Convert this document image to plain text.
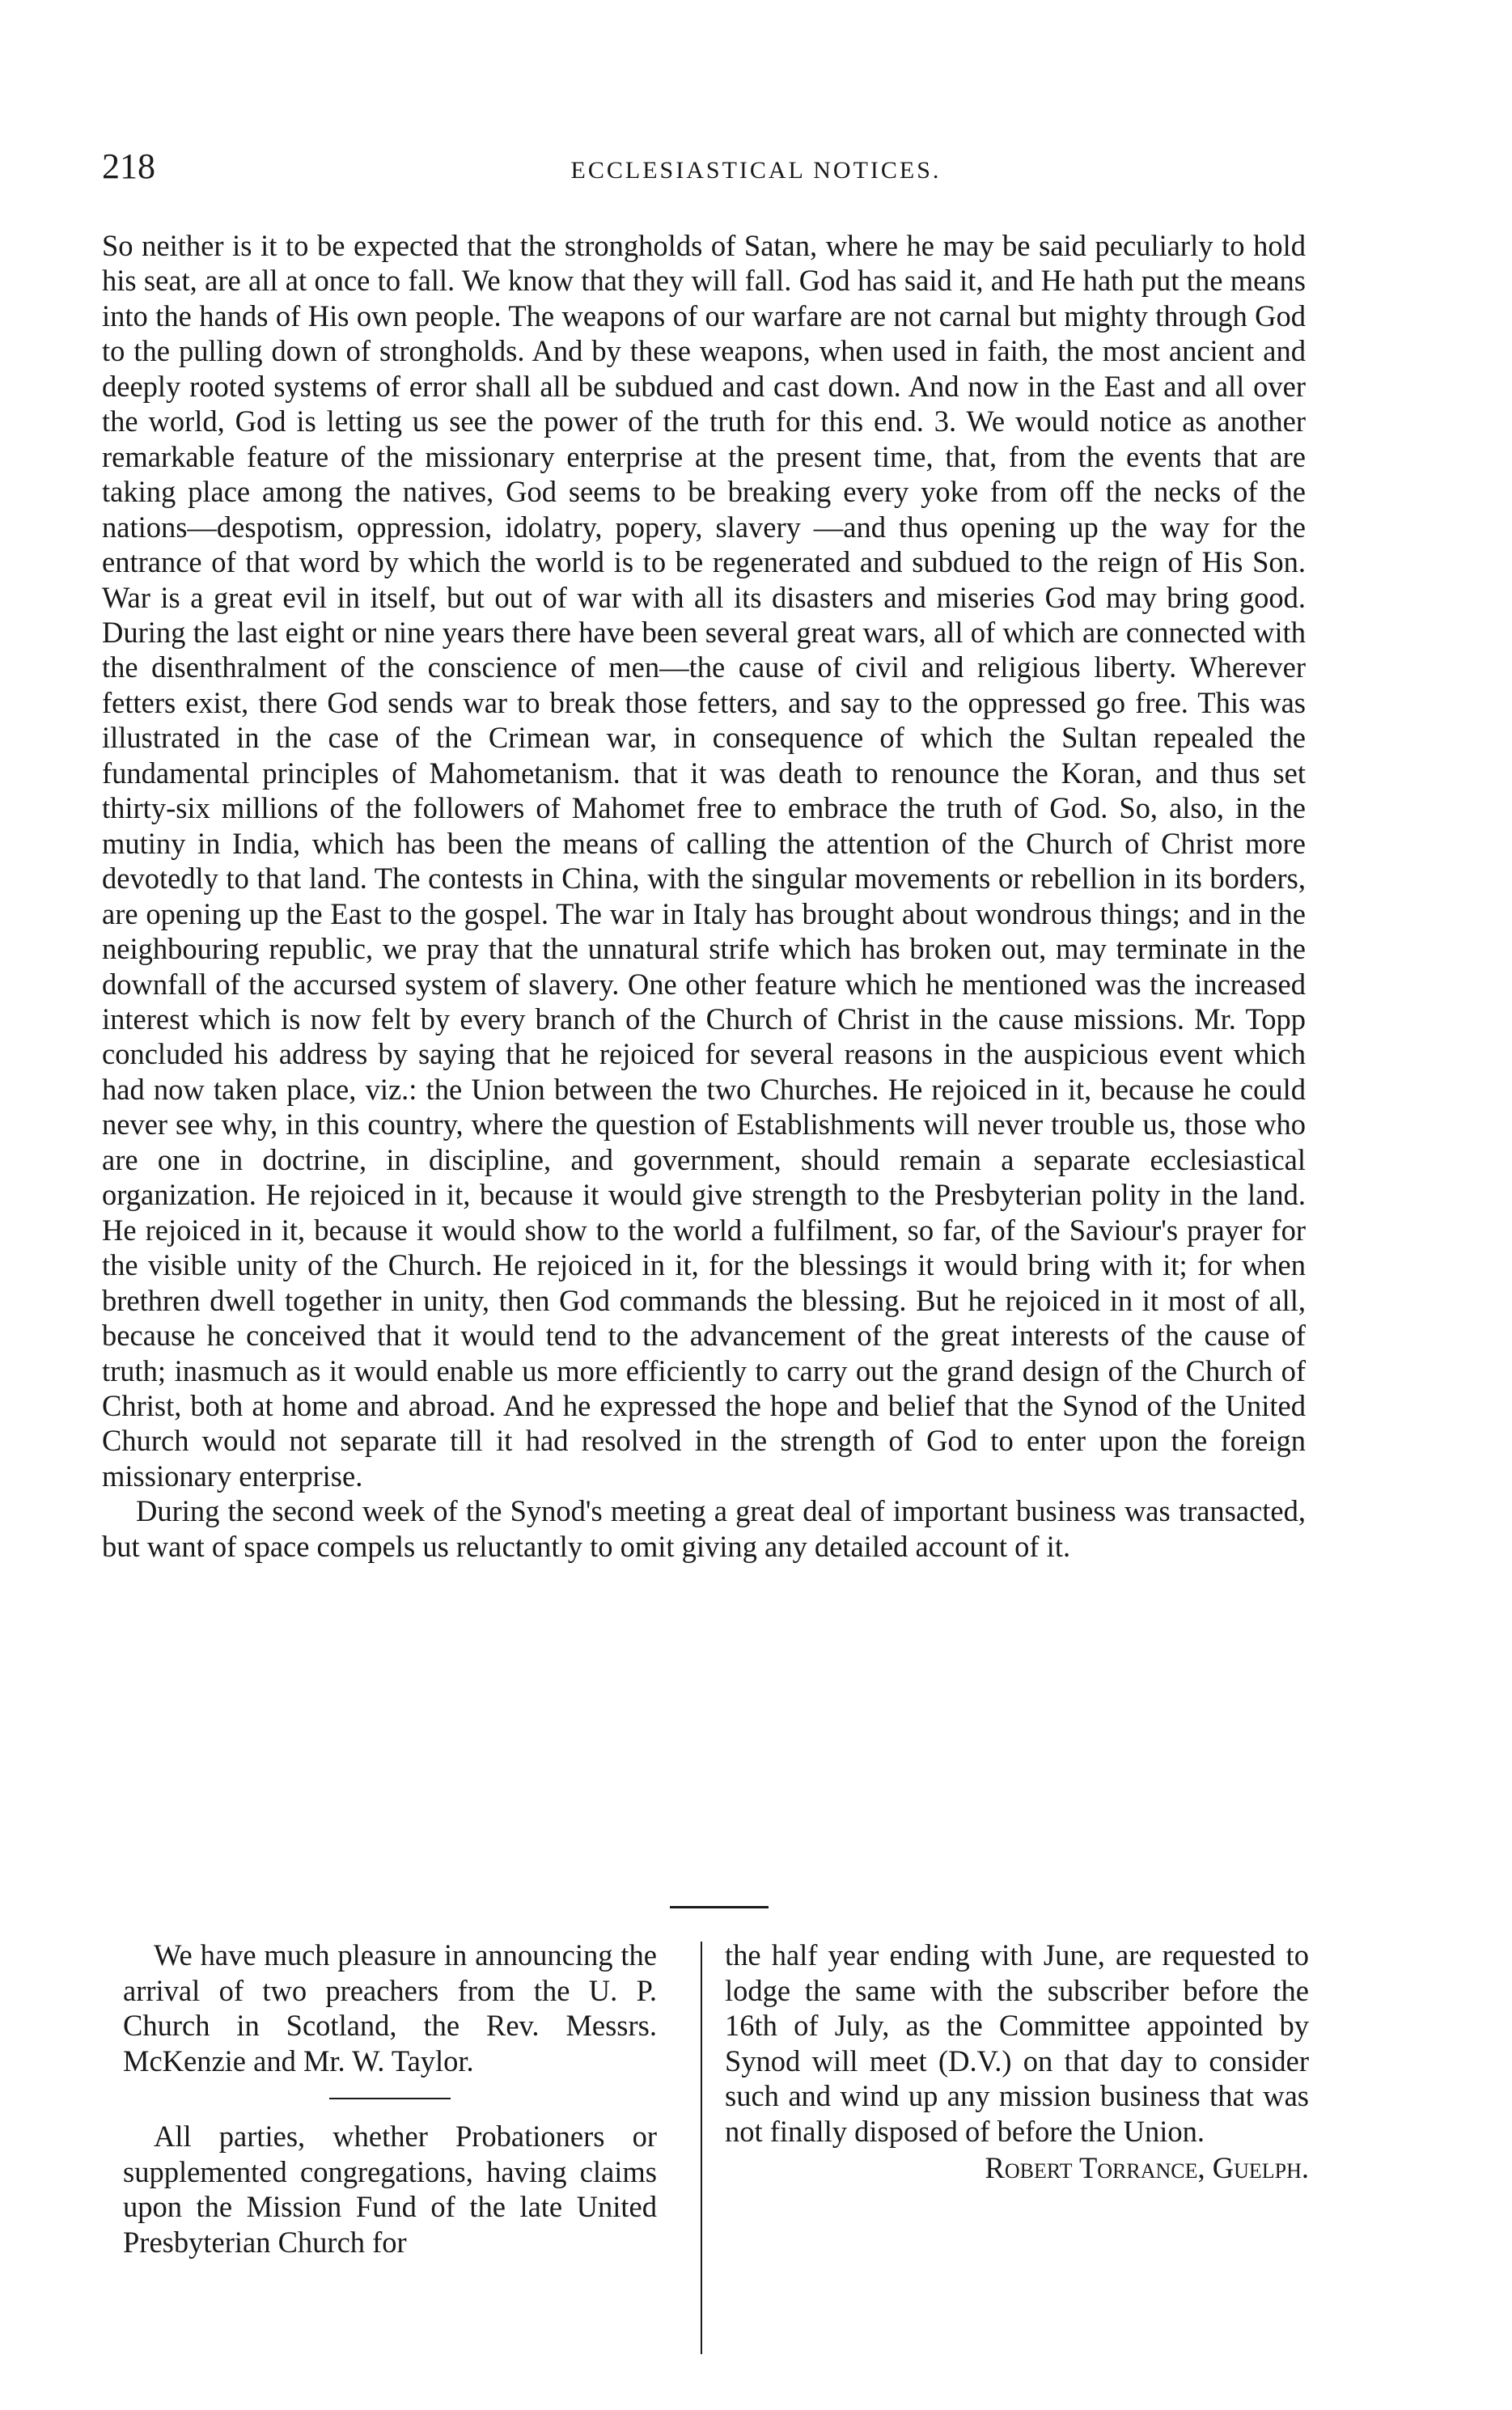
218	ECCLESIASTICAL NOTICES.

So neither is it to be expected that the strongholds of Satan, where he may be said peculiarly to hold his seat, are all at once to fall. We know that they will fall. God has said it, and He hath put the means into the hands of His own people. The weapons of our warfare are not carnal but mighty through God to the pulling down of strongholds. And by these weapons, when used in faith, the most ancient and deeply rooted systems of error shall all be subdued and cast down. And now in the East and all over the world, God is letting us see the power of the truth for this end. 3. We would notice as another remarkable feature of the missionary enterprise at the present time, that, from the events that are taking place among the natives, God seems to be breaking every yoke from off the necks of the nations—despotism, oppression, idolatry, popery, slavery —and thus opening up the way for the entrance of that word by which the world is to be regenerated and subdued to the reign of His Son. War is a great evil in itself, but out of war with all its disasters and miseries God may bring good. During the last eight or nine years there have been several great wars, all of which are connected with the disenthralment of the conscience of men—the cause of civil and religious liberty. Wherever fetters exist, there God sends war to break those fetters, and say to the oppressed go free. This was illustrated in the case of the Crimean war, in consequence of which the Sultan repealed the fundamental principles of Mahometanism. that it was death to renounce the Koran, and thus set thirty-six millions of the followers of Mahomet free to embrace the truth of God. So, also, in the mutiny in India, which has been the means of calling the attention of the Church of Christ more devotedly to that land. The contests in China, with the singular movements or rebellion in its borders, are opening up the East to the gospel. The war in Italy has brought about wondrous things; and in the neighbouring republic, we pray that the unnatural strife which has broken out, may terminate in the downfall of the accursed system of slavery. One other feature which he mentioned was the increased interest which is now felt by every branch of the Church of Christ in the cause missions. Mr. Topp concluded his address by saying that he rejoiced for several reasons in the auspicious event which had now taken place, viz.: the Union between the two Churches. He rejoiced in it, because he could never see why, in this country, where the question of Establishments will never trouble us, those who are one in doctrine, in discipline, and government, should remain a separate ecclesiastical organization. He rejoiced in it, because it would give strength to the Presbyterian polity in the land. He rejoiced in it, because it would show to the world a fulfilment, so far, of the Saviour's prayer for the visible unity of the Church. He rejoiced in it, for the blessings it would bring with it; for when brethren dwell together in unity, then God commands the blessing. But he rejoiced in it most of all, because he conceived that it would tend to the advancement of the great interests of the cause of truth; inasmuch as it would enable us more efficiently to carry out the grand design of the Church of Christ, both at home and abroad. And he expressed the hope and belief that the Synod of the United Church would not separate till it had resolved in the strength of God to enter upon the foreign missionary enterprise.

During the second week of the Synod's meeting a great deal of important business was transacted, but want of space compels us reluctantly to omit giving any detailed account of it.

We have much pleasure in announcing the arrival of two preachers from the U. P. Church in Scotland, the Rev. Messrs. McKenzie and Mr. W. Taylor.

All parties, whether Probationers or supplemented congregations, having claims upon the Mission Fund of the late United Presbyterian Church for

the half year ending with June, are requested to lodge the same with the subscriber before the 16th of July, as the Committee appointed by Synod will meet (D.V.) on that day to consider such and wind up any mission business that was not finally disposed of before the Union.

Robert Torrance, Guelph.
